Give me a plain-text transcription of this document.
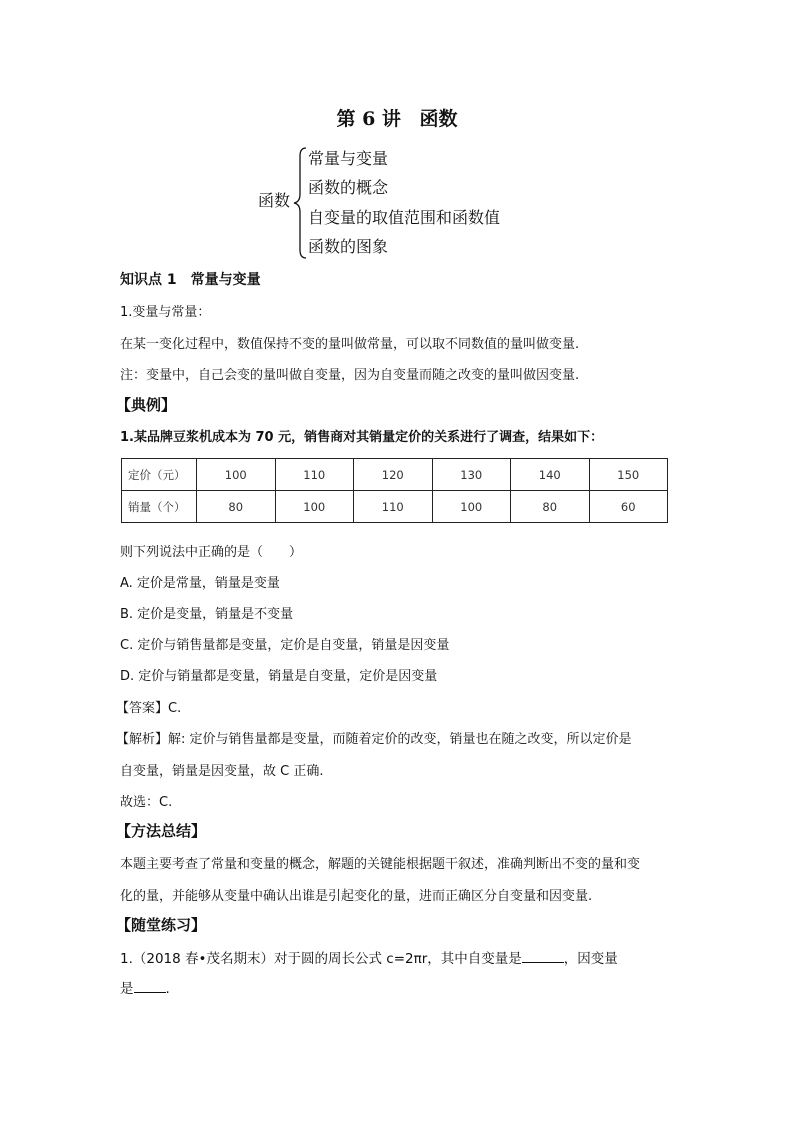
第 6 讲 函数
函数
常量与变量
函数的概念
自变量的取值范围和函数值
函数的图象
知识点 1　常量与变量
1.变量与常量：
在某一变化过程中，数值保持不变的量叫做常量，可以取不同数值的量叫做变量.
注：变量中，自己会变的量叫做自变量，因为自变量而随之改变的量叫做因变量.
【典例】
1.某品牌豆浆机成本为 70 元，销售商对其销量定价的关系进行了调查，结果如下：
定价（元）	100	110	120	130	140	150
销量（个）	80	100	110	100	80	60
则下列说法中正确的是（　　）
A. 定价是常量，销量是变量
B. 定价是变量，销量是不变量
C. 定价与销售量都是变量，定价是自变量，销量是因变量
D. 定价与销量都是变量，销量是自变量，定价是因变量
【答案】C.
【解析】解: 定价与销售量都是变量，而随着定价的改变，销量也在随之改变，所以定价是
自变量，销量是因变量，故 C 正确.
故选：C.
【方法总结】
本题主要考查了常量和变量的概念，解题的关键能根据题干叙述，准确判断出不变的量和变
化的量，并能够从变量中确认出谁是引起变化的量，进而正确区分自变量和因变量.
【随堂练习】
1.（2018 春•茂名期末）对于圆的周长公式 c=2πr，其中自变量是	，因变量
是 .
